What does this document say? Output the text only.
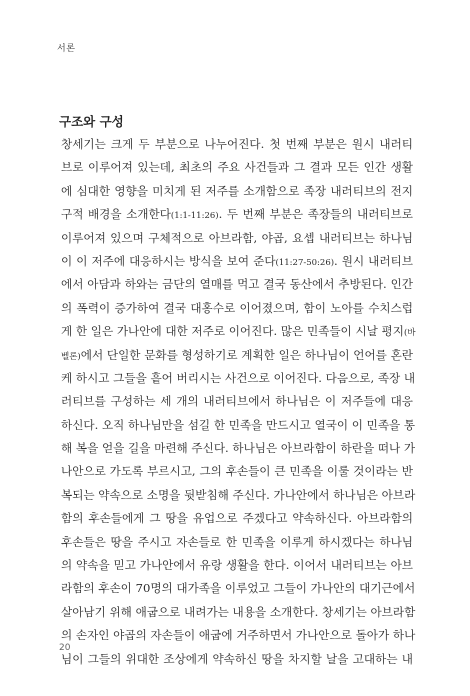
서론
구조와 구성
창세기는 크게 두 부분으로 나누어진다. 첫 번째 부분은 원시 내러티
브로 이루어져 있는데, 최초의 주요 사건들과 그 결과 모든 인간 생활
에 심대한 영향을 미치게 된 저주를 소개함으로 족장 내러티브의 전지
구적 배경을 소개한다(1:1-11:26). 두 번째 부분은 족장들의 내러티브로
이루어져 있으며 구체적으로 아브라함, 야곱, 요셉 내러티브는 하나님
이 이 저주에 대응하시는 방식을 보여 준다(11:27-50:26). 원시 내러티브
에서 아담과 하와는 금단의 열매를 먹고 결국 동산에서 추방된다. 인간
의 폭력이 증가하여 결국 대홍수로 이어졌으며, 함이 노아를 수치스럽
게 한 일은 가나안에 대한 저주로 이어진다. 많은 민족들이 시날 평지(바
벨론)에서 단일한 문화를 형성하기로 계획한 일은 하나님이 언어를 혼란
케 하시고 그들을 흩어 버리시는 사건으로 이어진다. 다음으로, 족장 내
러티브를 구성하는 세 개의 내러티브에서 하나님은 이 저주들에 대응
하신다. 오직 하나님만을 섬길 한 민족을 만드시고 열국이 이 민족을 통
해 복을 얻을 길을 마련해 주신다. 하나님은 아브라함이 하란을 떠나 가
나안으로 가도록 부르시고, 그의 후손들이 큰 민족을 이룰 것이라는 반
복되는 약속으로 소명을 뒷받침해 주신다. 가나안에서 하나님은 아브라
함의 후손들에게 그 땅을 유업으로 주겠다고 약속하신다. 아브라함의
후손들은 땅을 주시고 자손들로 한 민족을 이루게 하시겠다는 하나님
의 약속을 믿고 가나안에서 유랑 생활을 한다. 이어서 내러티브는 아브
라함의 후손이 70명의 대가족을 이루었고 그들이 가나안의 대기근에서
살아남기 위해 애굽으로 내려가는 내용을 소개한다. 창세기는 아브라함
의 손자인 야곱의 자손들이 애굽에 거주하면서 가나안으로 돌아가 하나
님이 그들의 위대한 조상에게 약속하신 땅을 차지할 날을 고대하는 내
20
